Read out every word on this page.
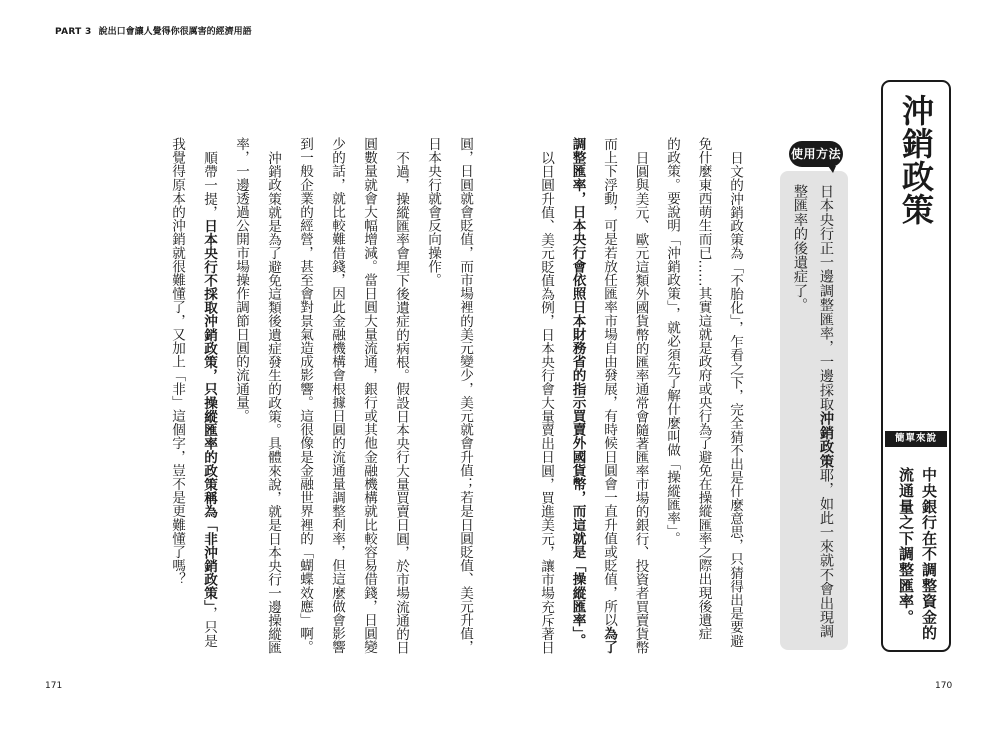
PART 3 說出口會讓人覺得你很厲害的經濟用語
圓，日圓就會貶值，而市場裡的美元變少，美元就會升值；若是日圓貶值、美元升值，
日本央行就會反向操作。
不過，操縱匯率會埋下後遺症的病根。假設日本央行大量買賣日圓，於市場流通的日
圓數量就會大幅增減。當日圓大量流通，銀行或其他金融機構就比較容易借錢，日圓變
少的話，就比較難借錢，因此金融機構會根據日圓的流通量調整利率，但這麼做會影響
到一般企業的經營，甚至會對景氣造成影響。這很像是金融世界裡的「蝴蝶效應」啊。
沖銷政策就是為了避免這類後遺症發生的政策。具體來說，就是日本央行一邊操縱匯
率，一邊透過公開市場操作調節日圓的流通量。
順帶一提，日本央行不採取沖銷政策，只操縱匯率的政策稱為「非沖銷政策」，只是
我覺得原本的沖銷就很難懂了，又加上「非」這個字，豈不是更難懂了嗎？	日文的沖銷政策為「不胎化」，乍看之下，完全猜不出是什麼意思，只猜得出是要避
免什麼東西萌生而已……其實這就是政府或央行為了避免在操縱匯率之際出現後遺症
的政策。要說明「沖銷政策」，就必須先了解什麼叫做「操縱匯率」。
日圓與美元、歐元這類外國貨幣的匯率通常會隨著匯率市場的銀行、投資者買賣貨幣
而上下浮動，可是若放任匯率市場自由發展，有時候日圓會一直升值或貶值，所以為了
調整匯率，日本央行會依照日本財務省的指示買賣外國貨幣，而這就是「操縱匯率」。
以日圓升值、美元貶值為例，日本央行會大量賣出日圓，買進美元，讓市場充斥著日	日本央行正一邊調整匯率，一邊採取沖銷政策耶，如此一來就不會出現調
整匯率的後遺症了。
使用方法 沖銷政策
簡單來說
中央銀行在不調整資金的
流通量之下調整匯率。
171	170
